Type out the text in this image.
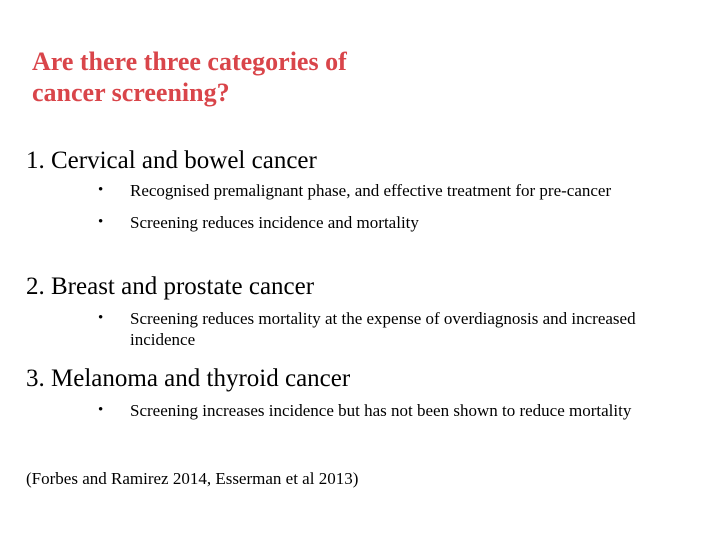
Are there three categories of
cancer screening?

1. Cervical and bowel cancer

• Recognised premalignant phase, and effective treatment for pre-cancer
• Screening reduces incidence and mortality

2. Breast and prostate cancer

• Screening reduces mortality at the expense of overdiagnosis and increased incidence

3. Melanoma and thyroid cancer

• Screening increases incidence but has not been shown to reduce mortality

(Forbes and Ramirez 2014, Esserman et al 2013)
